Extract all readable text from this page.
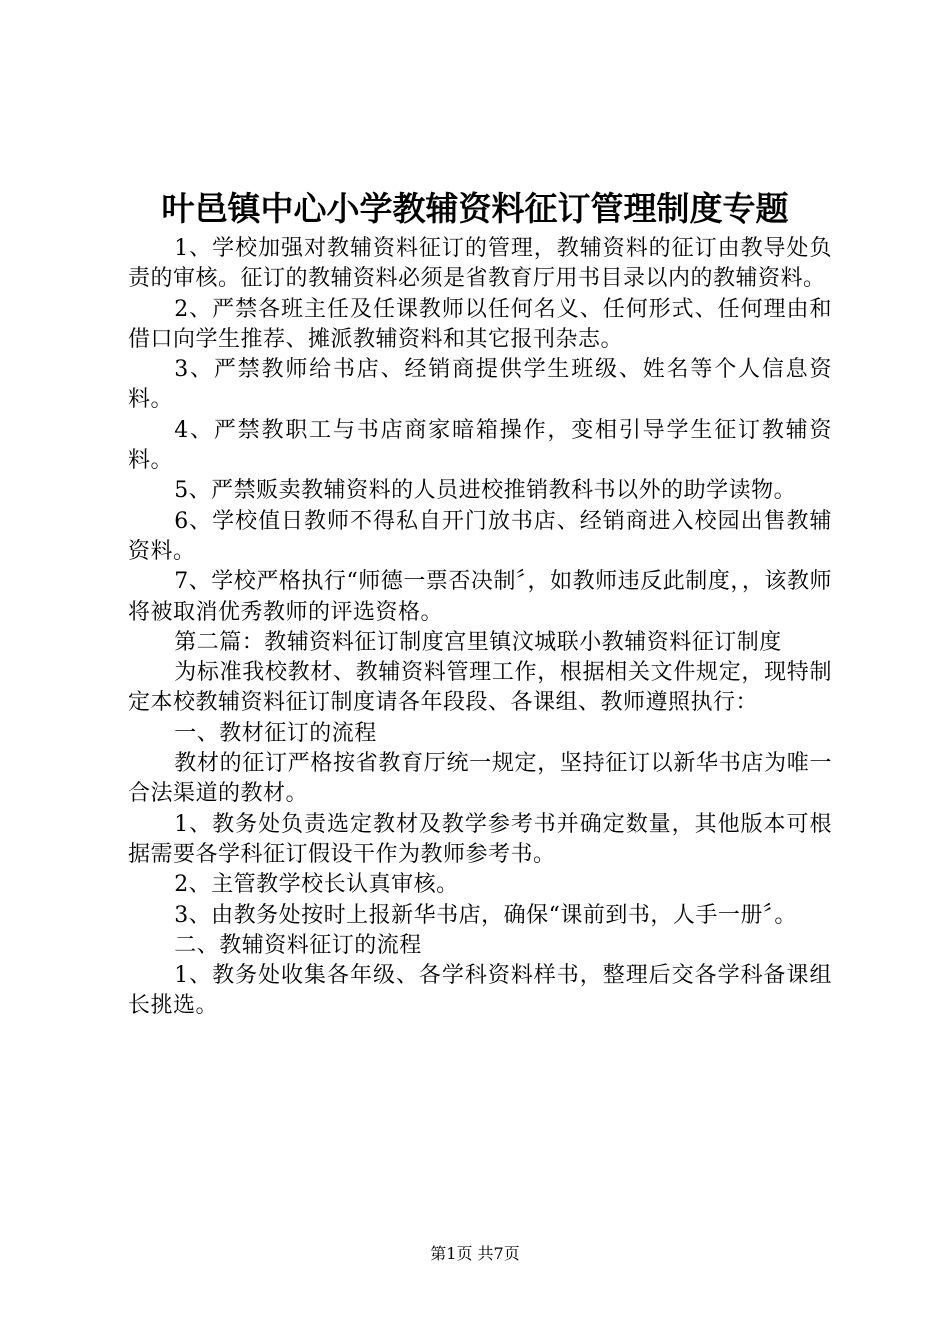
叶邑镇中心小学教辅资料征订管理制度专题

1、学校加强对教辅资料征订的管理，教辅资料的征订由教导处负责的审核。征订的教辅资料必须是省教育厅用书目录以内的教辅资料。

2、严禁各班主任及任课教师以任何名义、任何形式、任何理由和借口向学生推荐、摊派教辅资料和其它报刊杂志。

3、严禁教师给书店、经销商提供学生班级、姓名等个人信息资料。

4、严禁教职工与书店商家暗箱操作，变相引导学生征订教辅资料。

5、严禁贩卖教辅资料的人员进校推销教科书以外的助学读物。

6、学校值日教师不得私自开门放书店、经销商进入校园出售教辅资料。

7、学校严格执行“师德一票否决制〞，如教师违反此制度，，该教师将被取消优秀教师的评选资格。

第二篇：教辅资料征订制度宫里镇汶城联小教辅资料征订制度

为标准我校教材、教辅资料管理工作，根据相关文件规定，现特制定本校教辅资料征订制度请各年段段、各课组、教师遵照执行：

一、教材征订的流程

教材的征订严格按省教育厅统一规定，坚持征订以新华书店为唯一合法渠道的教材。

1、教务处负责选定教材及教学参考书并确定数量，其他版本可根据需要各学科征订假设干作为教师参考书。

2、主管教学校长认真审核。

3、由教务处按时上报新华书店，确保“课前到书，人手一册〞。

二、教辅资料征订的流程

1、教务处收集各年级、各学科资料样书，整理后交各学科备课组长挑选。

第1页 共7页
